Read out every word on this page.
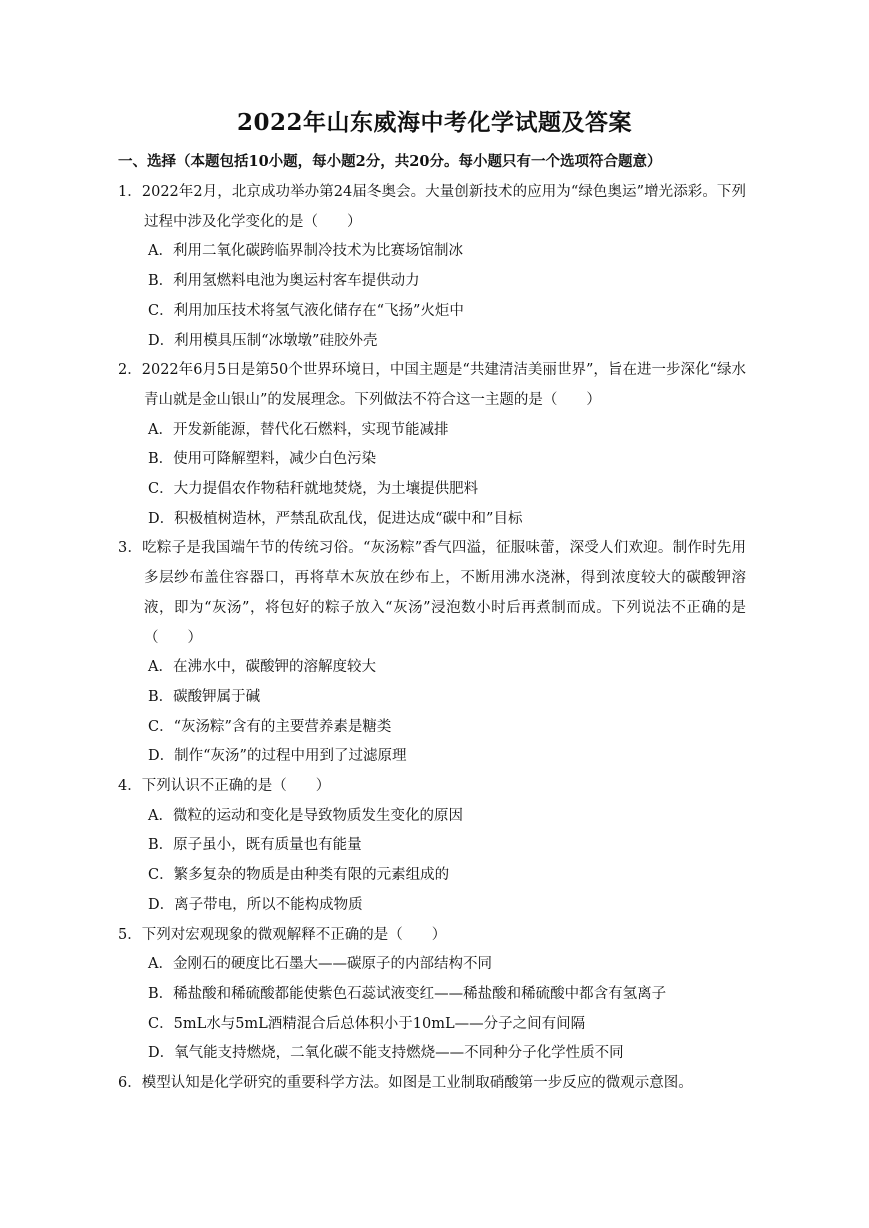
2022年山东威海中考化学试题及答案
一、选择（本题包括10小题，每小题2分，共20分。每小题只有一个选项符合题意）
1．2022年2月，北京成功举办第24届冬奥会。大量创新技术的应用为“绿色奥运”增光添彩。下列过程中涉及化学变化的是（　　）
A．利用二氧化碳跨临界制冷技术为比赛场馆制冰
B．利用氢燃料电池为奥运村客车提供动力
C．利用加压技术将氢气液化储存在“飞扬”火炬中
D．利用模具压制“冰墩墩”硅胶外壳
2．2022年6月5日是第50个世界环境日，中国主题是“共建清洁美丽世界”，旨在进一步深化“绿水青山就是金山银山”的发展理念。下列做法不符合这一主题的是（　　）
A．开发新能源，替代化石燃料，实现节能减排
B．使用可降解塑料，减少白色污染
C．大力提倡农作物秸秆就地焚烧，为土壤提供肥料
D．积极植树造林，严禁乱砍乱伐，促进达成“碳中和”目标
3．吃粽子是我国端午节的传统习俗。“灰汤粽”香气四溢，征服味蕾，深受人们欢迎。制作时先用多层纱布盖住容器口，再将草木灰放在纱布上，不断用沸水浇淋，得到浓度较大的碳酸钾溶液，即为“灰汤”，将包好的粽子放入“灰汤”浸泡数小时后再煮制而成。下列说法不正确的是（　　）
A．在沸水中，碳酸钾的溶解度较大
B．碳酸钾属于碱
C．“灰汤粽”含有的主要营养素是糖类
D．制作“灰汤”的过程中用到了过滤原理
4．下列认识不正确的是（　　）
A．微粒的运动和变化是导致物质发生变化的原因
B．原子虽小，既有质量也有能量
C．繁多复杂的物质是由种类有限的元素组成的
D．离子带电，所以不能构成物质
5．下列对宏观现象的微观解释不正确的是（　　）
A．金刚石的硬度比石墨大——碳原子的内部结构不同
B．稀盐酸和稀硫酸都能使紫色石蕊试液变红——稀盐酸和稀硫酸中都含有氢离子
C．5mL水与5mL酒精混合后总体积小于10mL——分子之间有间隔
D．氧气能支持燃烧，二氧化碳不能支持燃烧——不同种分子化学性质不同
6．模型认知是化学研究的重要科学方法。如图是工业制取硝酸第一步反应的微观示意图。
